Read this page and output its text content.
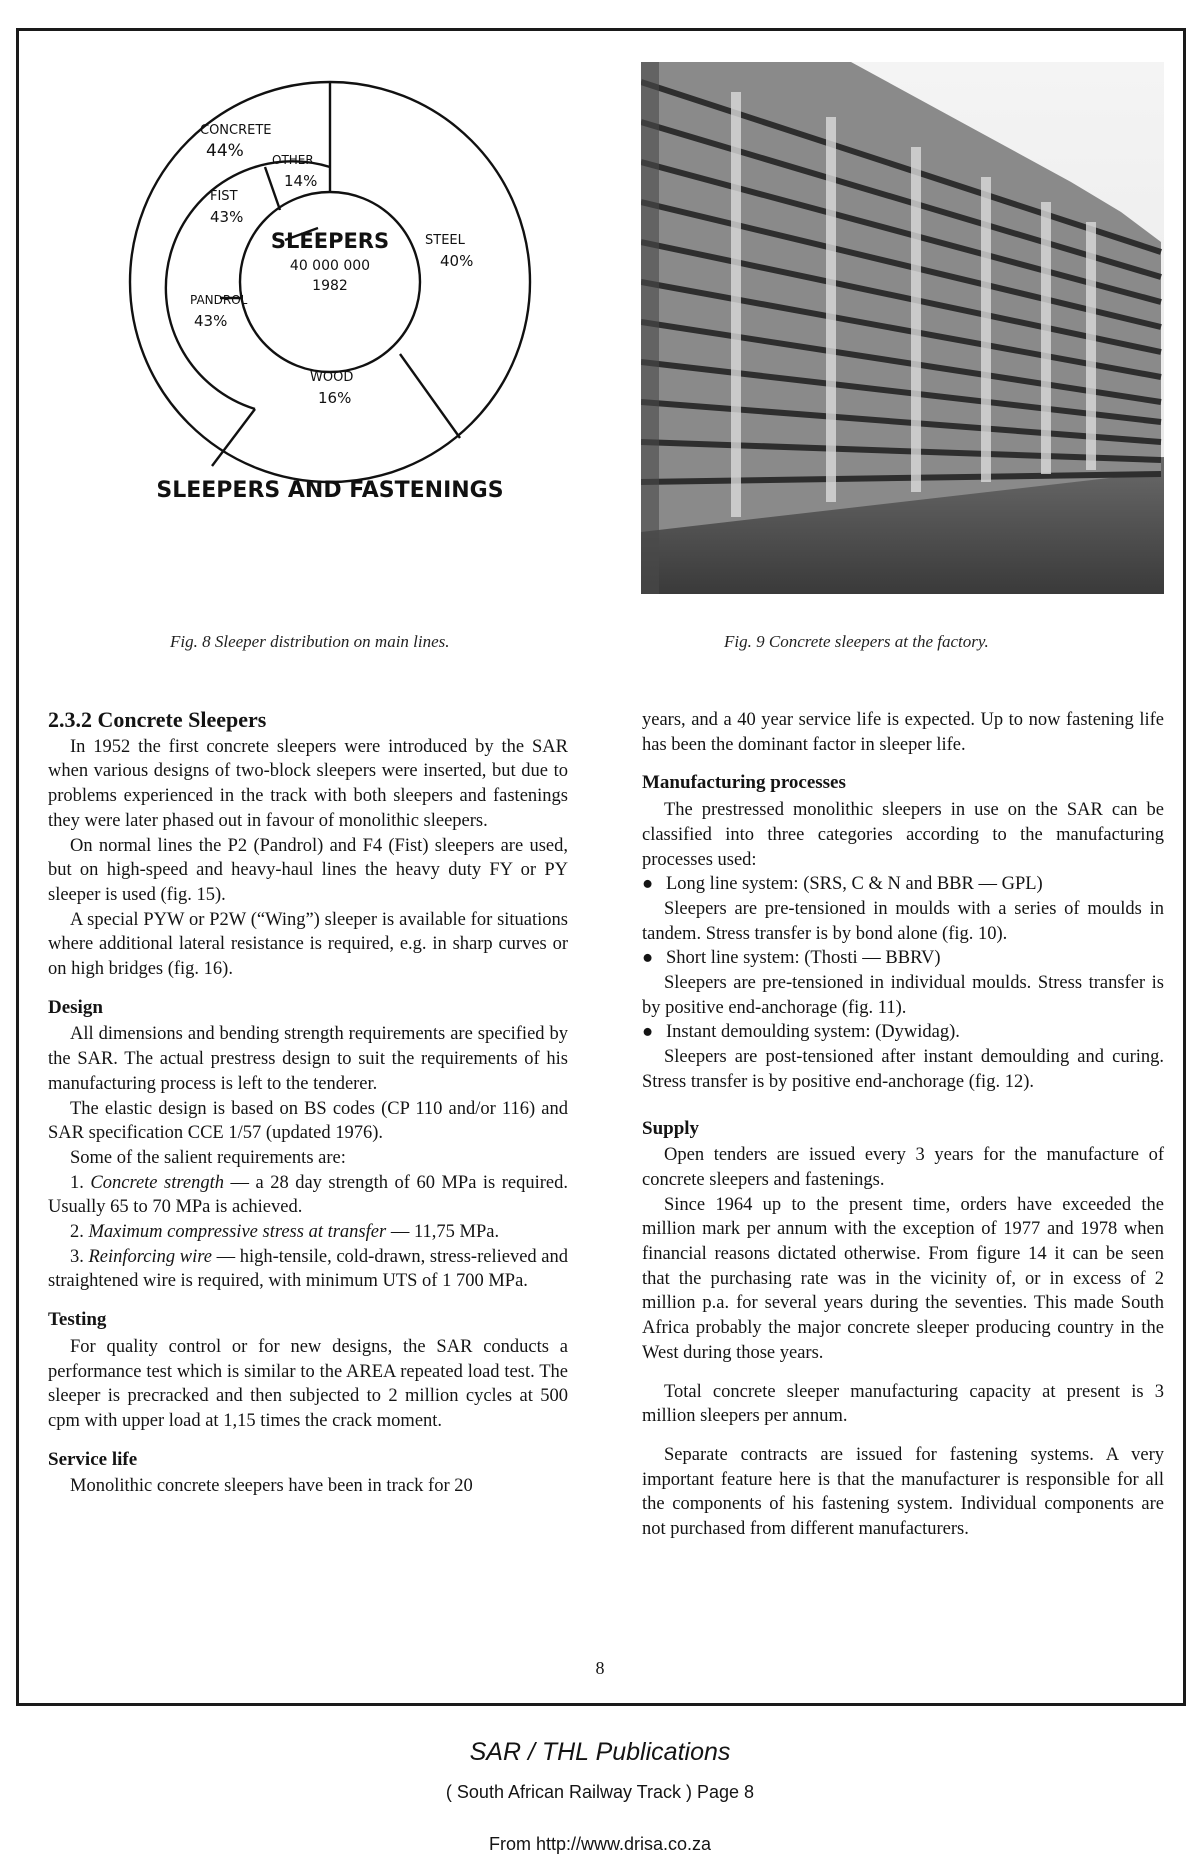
CONCRETE
44% OTHER
14%
FIST
43%
PANDROL
43%
SLEEPERS
40 000 000
1982
STEEL
40%
WOOD
16%
SLEEPERS AND FASTENINGS
Fig. 8 Sleeper distribution on main lines.	Fig. 9 Concrete sleepers at the factory.
2.3.2 Concrete Sleepers

In 1952 the first concrete sleepers were introduced by the SAR when various designs of two-block sleepers were inserted, but due to problems experienced in the track with both sleepers and fastenings they were later phased out in favour of monolithic sleepers.

On normal lines the P2 (Pandrol) and F4 (Fist) sleepers are used, but on high-speed and heavy-haul lines the heavy duty FY or PY sleeper is used (fig. 15).

A special PYW or P2W (“Wing”) sleeper is available for situations where additional lateral resistance is required, e.g. in sharp curves or on high bridges (fig. 16).

Design

All dimensions and bending strength requirements are specified by the SAR. The actual prestress design to suit the requirements of his manufacturing process is left to the tenderer.

The elastic design is based on BS codes (CP 110 and/or 116) and SAR specification CCE 1/57 (updated 1976).

Some of the salient requirements are:

1. Concrete strength — a 28 day strength of 60 MPa is required. Usually 65 to 70 MPa is achieved.

2. Maximum compressive stress at transfer — 11,75 MPa.

3. Reinforcing wire — high-tensile, cold-drawn, stress-relieved and straightened wire is required, with minimum UTS of 1 700 MPa.

Testing

For quality control or for new designs, the SAR conducts a performance test which is similar to the AREA repeated load test. The sleeper is precracked and then subjected to 2 million cycles at 500 cpm with upper load at 1,15 times the crack moment.

Service life

Monolithic concrete sleepers have been in track for 20

years, and a 40 year service life is expected. Up to now fastening life has been the dominant factor in sleeper life.

Manufacturing processes

The prestressed monolithic sleepers in use on the SAR can be classified into three categories according to the manufacturing processes used:

● Long line system: (SRS, C & N and BBR — GPL)

Sleepers are pre-tensioned in moulds with a series of moulds in tandem. Stress transfer is by bond alone (fig. 10).

● Short line system: (Thosti — BBRV)

Sleepers are pre-tensioned in individual moulds. Stress transfer is by positive end-anchorage (fig. 11).

● Instant demoulding system: (Dywidag).

Sleepers are post-tensioned after instant demoulding and curing. Stress transfer is by positive end-anchorage (fig. 12).

Supply

Open tenders are issued every 3 years for the manufacture of concrete sleepers and fastenings.

Since 1964 up to the present time, orders have exceeded the million mark per annum with the exception of 1977 and 1978 when financial reasons dictated otherwise. From figure 14 it can be seen that the purchasing rate was in the vicinity of, or in excess of 2 million p.a. for several years during the seventies. This made South Africa probably the major concrete sleeper producing country in the West during those years.

Total concrete sleeper manufacturing capacity at present is 3 million sleepers per annum.

Separate contracts are issued for fastening systems. A very important feature here is that the manufacturer is responsible for all the components of his fastening system. Individual components are not purchased from different manufacturers.

8
SAR / THL Publications
( South African Railway Track ) Page 8
From http://www.drisa.co.za
